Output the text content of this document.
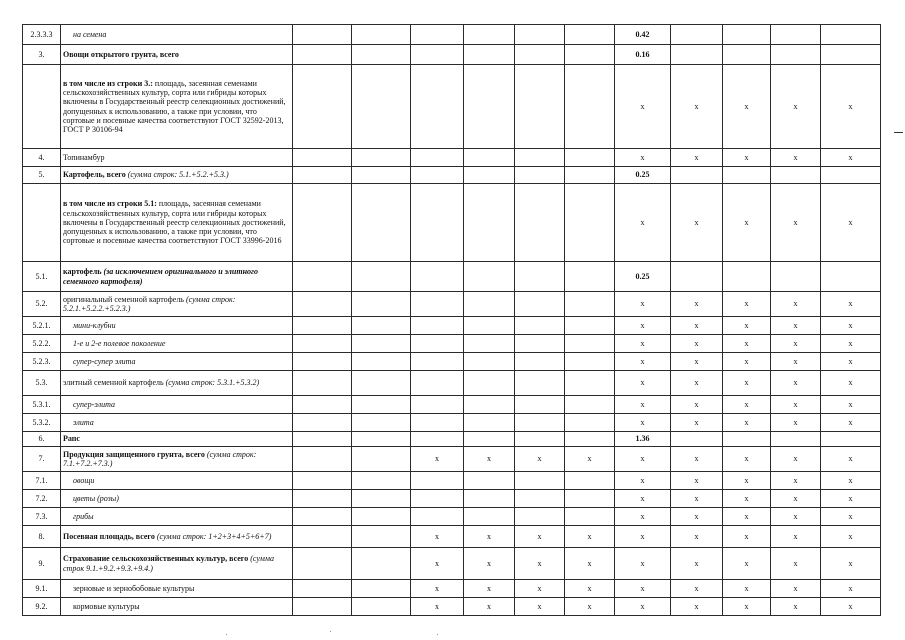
2.3.3.3	на семена							0.42				
3.	Овощи открытого грунта, всего							0.16				
	в том числе из строки 3.: площадь, засеянная семенами сельскохозяйственных культур, сорта или гибриды которых включены в Государственный реестр селекционных достижений, допущенных к использованию, а также при условии, что сортовые и посевные качества соответствуют ГОСТ 32592-2013, ГОСТ Р 30106-94							x	x	x	x	x
4.	Топинамбур							x	x	x	x	x
5.	Картофель, всего (сумма строк: 5.1.+5.2.+5.3.)							0.25				
	в том числе из строки 5.1: площадь, засеянная семенами сельскохозяйственных культур, сорта или гибриды которых включены в Государственный реестр селекционных достижений, допущенных к использованию, а также при условии, что сортовые и посевные качества соответствуют ГОСТ 33996-2016							x	x	x	x	x
5.1.	картофель (за исключением оригинального и элитного семенного картофеля)							0.25				
5.2.	оригинальный семенной картофель (сумма строк: 5.2.1.+5.2.2.+5.2.3.)							x	x	x	x	x
5.2.1.	мини-клубни							x	x	x	x	x
5.2.2.	1-е и 2-е полевое поколение							x	x	x	x	x
5.2.3.	супер-супер элита							x	x	x	x	x
5.3.	элитный семенной картофель (сумма строк: 5.3.1.+5.3.2)							x	x	x	x	x
5.3.1.	супер-элита							x	x	x	x	x
5.3.2.	элита							x	x	x	x	x
6.	Рапс							1.36				
7.	Продукция защищенного грунта, всего (сумма строк: 7.1.+7.2.+7.3.)			x	x	x	x	x	x	x	x	x
7.1.	овощи							x	x	x	x	x
7.2.	цветы (розы)							x	x	x	x	x
7.3.	грибы							x	x	x	x	x
8.	Посевная площадь, всего (сумма строк: 1+2+3+4+5+6+7)			x	x	x	x	x	x	x	x	x
9.	Страхование сельскохозяйственных культур, всего (сумма строк 9.1.+9.2.+9.3.+9.4.)			x	x	x	x	x	x	x	x	x
9.1.	зерновые и зернобобовые культуры			x	x	x	x	x	x	x	x	x
9.2.	кормовые культуры			x	x	x	x	x	x	x	x	x
